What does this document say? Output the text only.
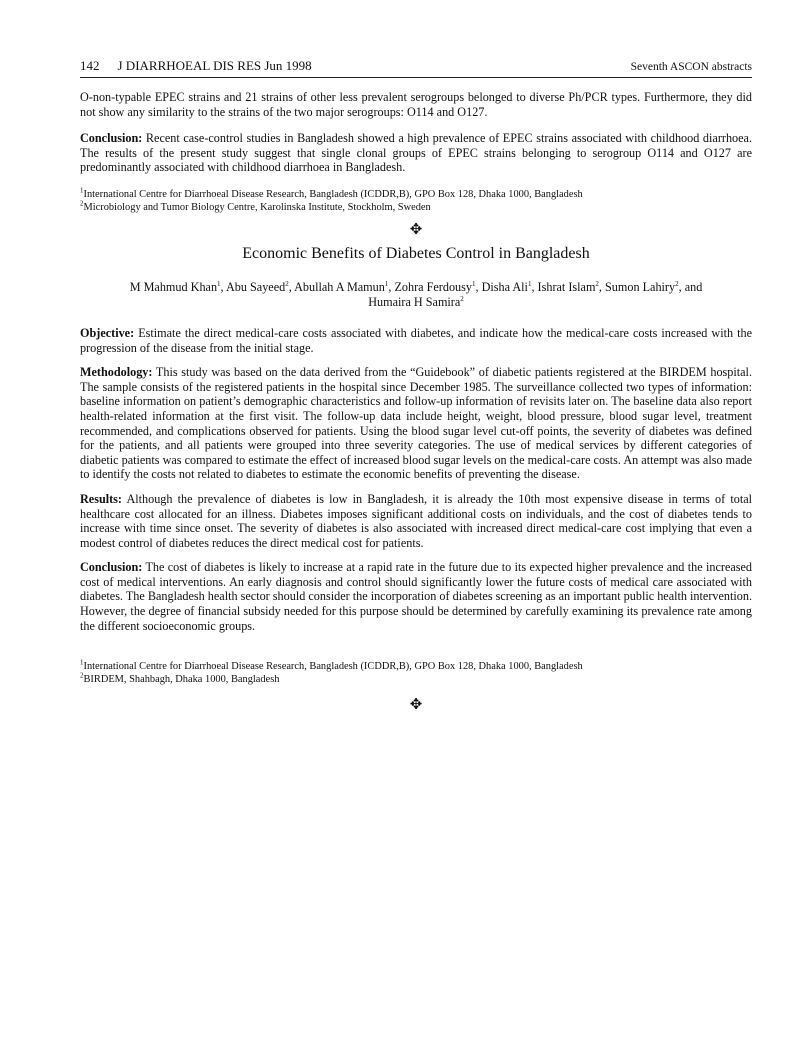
142 J DIARRHOEAL DIS RES Jun 1998	Seventh ASCON abstracts

O-non-typable EPEC strains and 21 strains of other less prevalent serogroups belonged to diverse Ph/PCR types. Furthermore, they did not show any similarity to the strains of the two major serogroups: O114 and O127.

Conclusion: Recent case-control studies in Bangladesh showed a high prevalence of EPEC strains associated with childhood diarrhoea. The results of the present study suggest that single clonal groups of EPEC strains belonging to serogroup O114 and O127 are predominantly associated with childhood diarrhoea in Bangladesh.

$^1$International Centre for Diarrhoeal Disease Research, Bangladesh (ICDDR,B), GPO Box 128, Dhaka 1000, Bangladesh
$^2$Microbiology and Tumor Biology Centre, Karolinska Institute, Stockholm, Sweden
✥
Economic Benefits of Diabetes Control in Bangladesh
M Mahmud Khan$^1$, Abu Sayeed$^2$, Abullah A Mamun$^1$, Zohra Ferdousy$^1$, Disha Ali$^1$, Ishrat Islam$^2$, Sumon Lahiry$^2$, and Humaira H Samira$^2$

Objective: Estimate the direct medical-care costs associated with diabetes, and indicate how the medical-care costs increased with the progression of the disease from the initial stage.

Methodology: This study was based on the data derived from the “Guidebook” of diabetic patients registered at the BIRDEM hospital. The sample consists of the registered patients in the hospital since December 1985. The surveillance collected two types of information: baseline information on patient’s demographic characteristics and follow-up information of revisits later on. The baseline data also report health-related information at the first visit. The follow-up data include height, weight, blood pressure, blood sugar level, treatment recommended, and complications observed for patients. Using the blood sugar level cut-off points, the severity of diabetes was defined for the patients, and all patients were grouped into three severity categories. The use of medical services by different categories of diabetic patients was compared to estimate the effect of increased blood sugar levels on the medical-care costs. An attempt was also made to identify the costs not related to diabetes to estimate the economic benefits of preventing the disease.

Results: Although the prevalence of diabetes is low in Bangladesh, it is already the 10th most expensive disease in terms of total healthcare cost allocated for an illness. Diabetes imposes significant additional costs on individuals, and the cost of diabetes tends to increase with time since onset. The severity of diabetes is also associated with increased direct medical-care cost implying that even a modest control of diabetes reduces the direct medical cost for patients.

Conclusion: The cost of diabetes is likely to increase at a rapid rate in the future due to its expected higher prevalence and the increased cost of medical interventions. An early diagnosis and control should significantly lower the future costs of medical care associated with diabetes. The Bangladesh health sector should consider the incorporation of diabetes screening as an important public health intervention. However, the degree of financial subsidy needed for this purpose should be determined by carefully examining its prevalence rate among the different socioeconomic groups.

$^1$International Centre for Diarrhoeal Disease Research, Bangladesh (ICDDR,B), GPO Box 128, Dhaka 1000, Bangladesh
$^2$BIRDEM, Shahbagh, Dhaka 1000, Bangladesh
✥
